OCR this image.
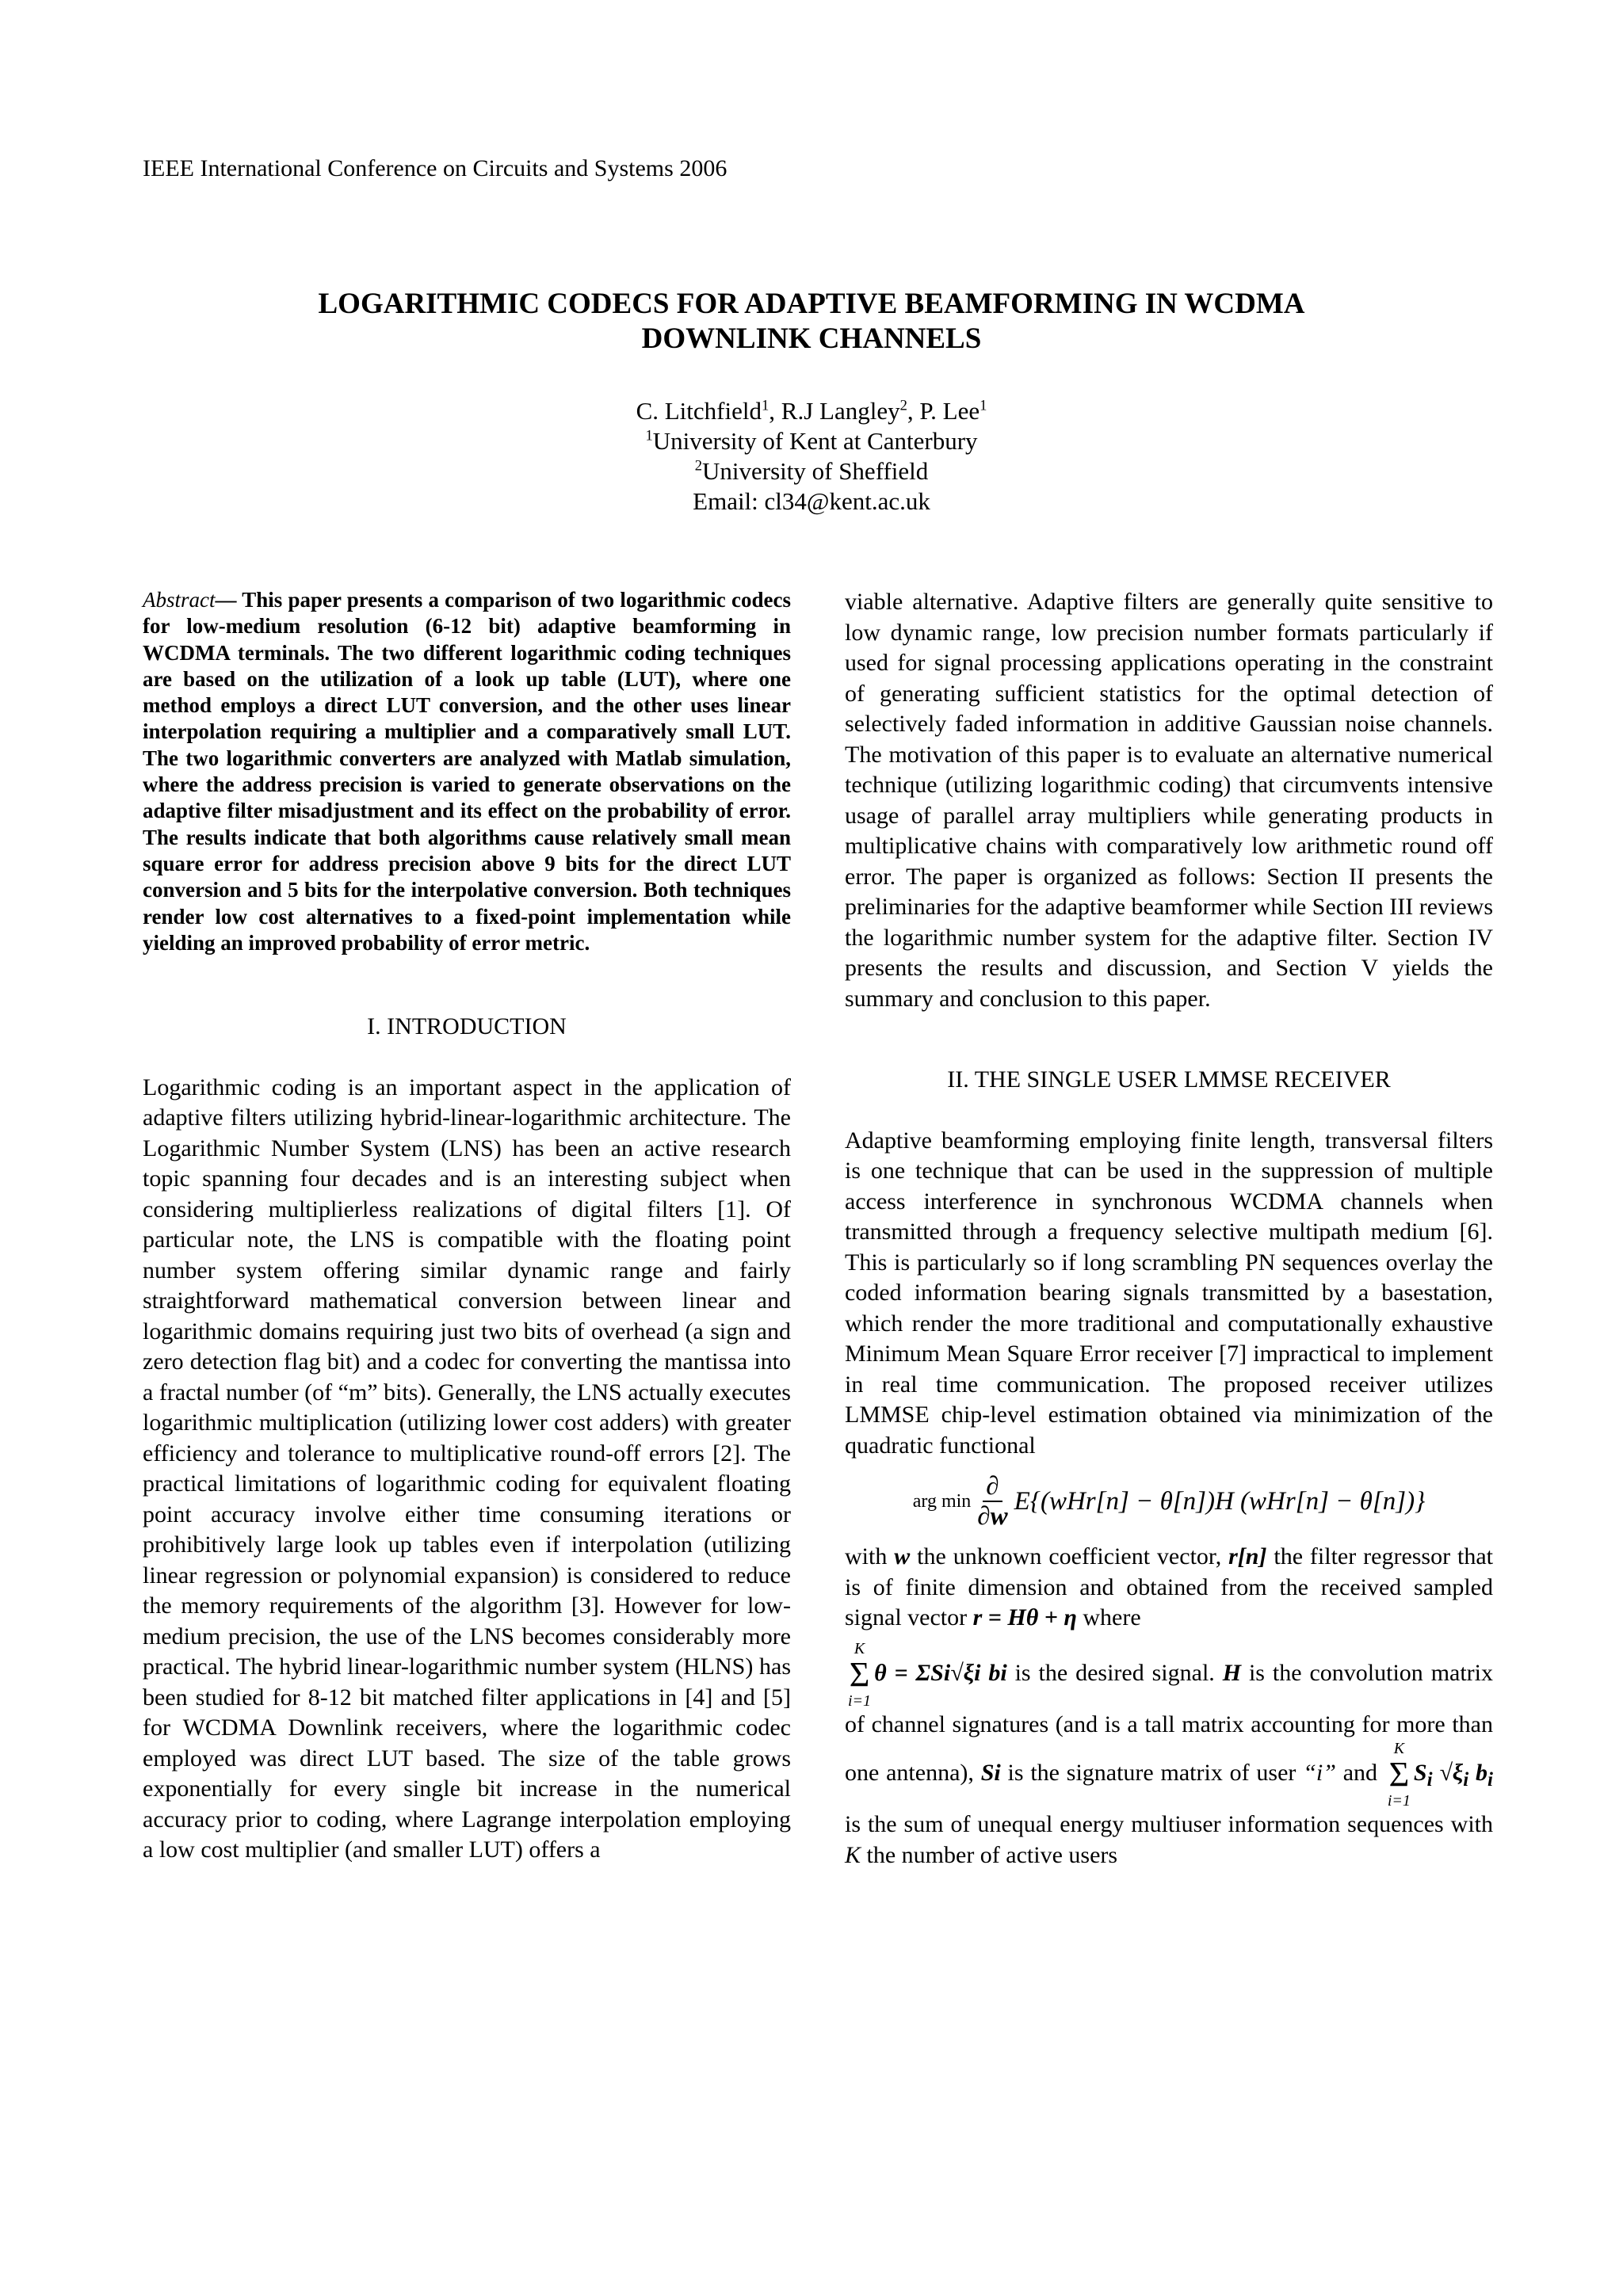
IEEE International Conference on Circuits and Systems 2006
LOGARITHMIC CODECS FOR ADAPTIVE BEAMFORMING IN WCDMA
DOWNLINK CHANNELS
C. Litchfield$^1$, R.J Langley$^2$, P. Lee$^1$
$^1$University of Kent at Canterbury
$^2$University of Sheffield
Email: cl34@kent.ac.uk

Abstract— This paper presents a comparison of two logarithmic codecs for low-medium resolution (6-12 bit) adaptive beamforming in WCDMA terminals. The two different logarithmic coding techniques are based on the utilization of a look up table (LUT), where one method employs a direct LUT conversion, and the other uses linear interpolation requiring a multiplier and a comparatively small LUT. The two logarithmic converters are analyzed with Matlab simulation, where the address precision is varied to generate observations on the adaptive filter misadjustment and its effect on the probability of error. The results indicate that both algorithms cause relatively small mean square error for address precision above 9 bits for the direct LUT conversion and 5 bits for the interpolative conversion. Both techniques render low cost alternatives to a fixed-point implementation while yielding an improved probability of error metric.

I. INTRODUCTION

Logarithmic coding is an important aspect in the application of adaptive filters utilizing hybrid-linear-logarithmic architecture. The Logarithmic Number System (LNS) has been an active research topic spanning four decades and is an interesting subject when considering multiplierless realizations of digital filters [1]. Of particular note, the LNS is compatible with the floating point number system offering similar dynamic range and fairly straightforward mathematical conversion between linear and logarithmic domains requiring just two bits of overhead (a sign and zero detection flag bit) and a codec for converting the mantissa into a fractal number (of “m” bits). Generally, the LNS actually executes logarithmic multiplication (utilizing lower cost adders) with greater efficiency and tolerance to multiplicative round-off errors [2]. The practical limitations of logarithmic coding for equivalent floating point accuracy involve either time consuming iterations or prohibitively large look up tables even if interpolation (utilizing linear regression or polynomial expansion) is considered to reduce the memory requirements of the algorithm [3]. However for low-medium precision, the use of the LNS becomes considerably more practical. The hybrid linear-logarithmic number system (HLNS) has been studied for 8-12 bit matched filter applications in [4] and [5] for WCDMA Downlink receivers, where the logarithmic codec employed was direct LUT based. The size of the table grows exponentially for every single bit increase in the numerical accuracy prior to coding, where Lagrange interpolation employing a low cost multiplier (and smaller LUT) offers a

viable alternative. Adaptive filters are generally quite sensitive to low dynamic range, low precision number formats particularly if used for signal processing applications operating in the constraint of generating sufficient statistics for the optimal detection of selectively faded information in additive Gaussian noise channels. The motivation of this paper is to evaluate an alternative numerical technique (utilizing logarithmic coding) that circumvents intensive usage of parallel array multipliers while generating products in multiplicative chains with comparatively low arithmetic round off error. The paper is organized as follows: Section II presents the preliminaries for the adaptive beamformer while Section III reviews the logarithmic number system for the adaptive filter. Section IV presents the results and discussion, and Section V yields the summary and conclusion to this paper.

II. THE SINGLE USER LMMSE RECEIVER

Adaptive beamforming employing finite length, transversal filters is one technique that can be used in the suppression of multiple access interference in synchronous WCDMA channels when transmitted through a frequency selective multipath medium [6]. This is particularly so if long scrambling PN sequences overlay the coded information bearing signals transmitted by a basestation, which render the more traditional and computationally exhaustive Minimum Mean Square Error receiver [7] impractical to implement in real time communication. The proposed receiver utilizes LMMSE chip-level estimation obtained via minimization of the quadratic functional

arg $\min \frac{\partial}{\partial w} E\{(wHr[n] - \theta[n])H$ (wHr[n] − θ[n])}

with w the unknown coefficient vector, r[n] the filter regressor that is of finite dimension and obtained from the received sampled signal vector r = Hθ + η where

K
Σ
i=1
θ = ΣSi√ξi bi is the desired signal. H is the convolution matrix of channel signatures (and is a tall matrix accounting for more than one antenna), Si is the signature matrix of user “i” and
K
Σ
i=1
$S_i$ $√\xi_i$ $b_i$ is the sum of unequal energy multiuser information sequences with K the number of active users
